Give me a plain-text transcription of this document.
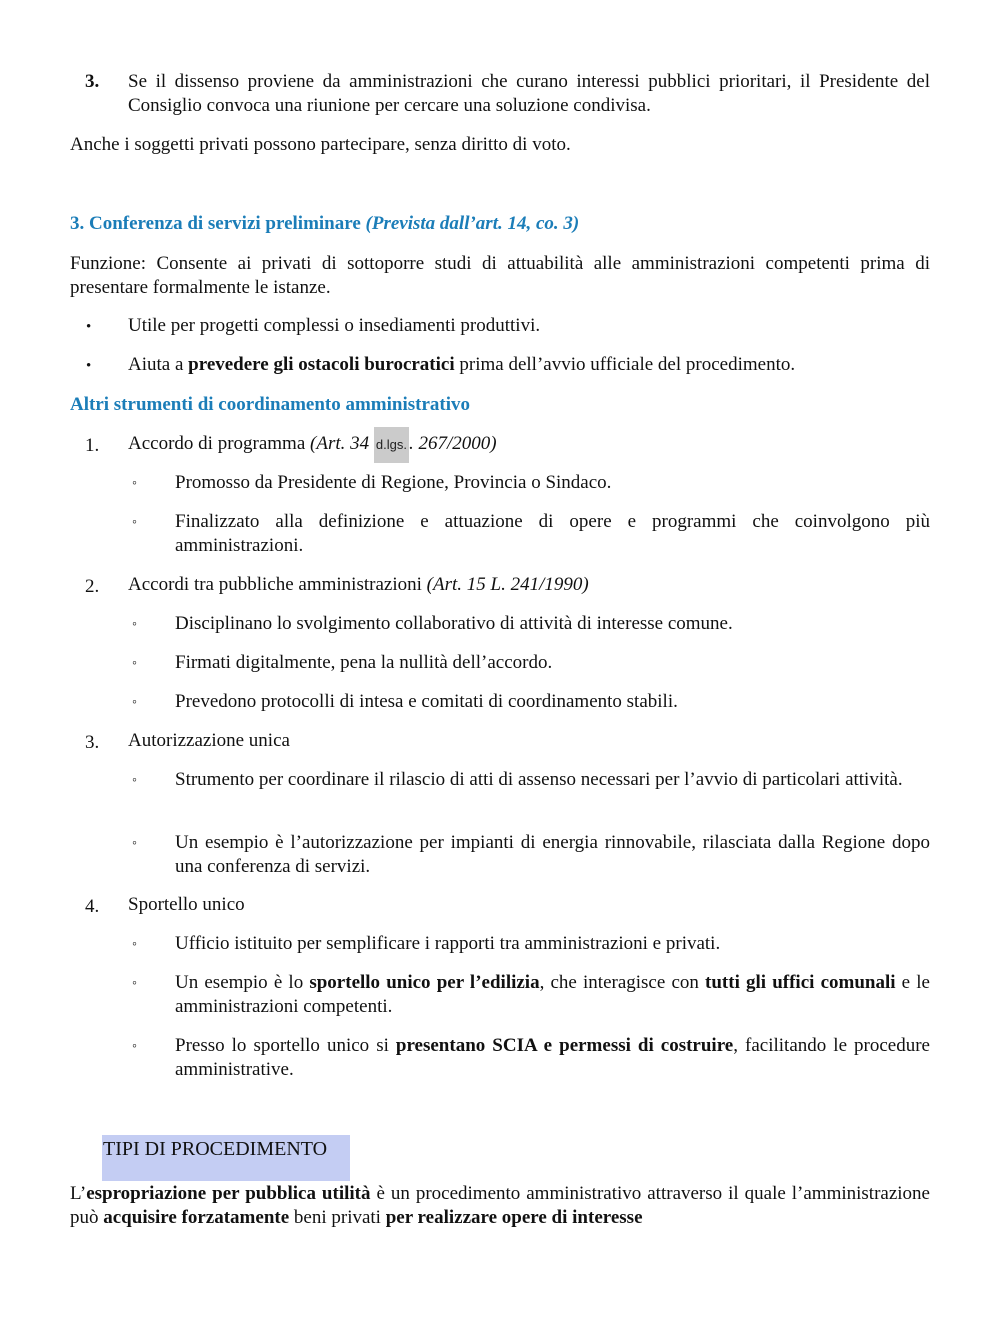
3. Se il dissenso proviene da amministrazioni che curano interessi pubblici prioritari, il Presidente del Consiglio convoca una riunione per cercare una soluzione condivisa.
Anche i soggetti privati possono partecipare, senza diritto di voto.
3. Conferenza di servizi preliminare (Prevista dall’art. 14, co. 3)
Funzione: Consente ai privati di sottoporre studi di attuabilità alle amministrazioni competenti prima di presentare formalmente le istanze.
• Utile per progetti complessi o insediamenti produttivi.
• Aiuta a prevedere gli ostacoli burocratici prima dell’avvio ufficiale del procedimento.
Altri strumenti di coordinamento amministrativo
1. Accordo di programma (Art. 34 d.lgs. . 267/2000)
◦ Promosso da Presidente di Regione, Provincia o Sindaco.
◦ Finalizzato alla definizione e attuazione di opere e programmi che coinvolgono più amministrazioni.
2. Accordi tra pubbliche amministrazioni (Art. 15 L. 241/1990)
◦ Disciplinano lo svolgimento collaborativo di attività di interesse comune.
◦ Firmati digitalmente, pena la nullità dell’accordo.
◦ Prevedono protocolli di intesa e comitati di coordinamento stabili.
3. Autorizzazione unica
◦ Strumento per coordinare il rilascio di atti di assenso necessari per l’avvio di particolari attività.
◦ Un esempio è l’autorizzazione per impianti di energia rinnovabile, rilasciata dalla Regione dopo una conferenza di servizi.
4. Sportello unico
◦ Ufficio istituito per semplificare i rapporti tra amministrazioni e privati.
◦ Un esempio è lo sportello unico per l’edilizia, che interagisce con tutti gli uffici comunali e le amministrazioni competenti.
◦ Presso lo sportello unico si presentano SCIA e permessi di costruire, facilitando le procedure amministrative.
TIPI DI PROCEDIMENTO
L’espropriazione per pubblica utilità è un procedimento amministrativo attraverso il quale l’amministrazione può acquisire forzatamente beni privati per realizzare opere di interesse
